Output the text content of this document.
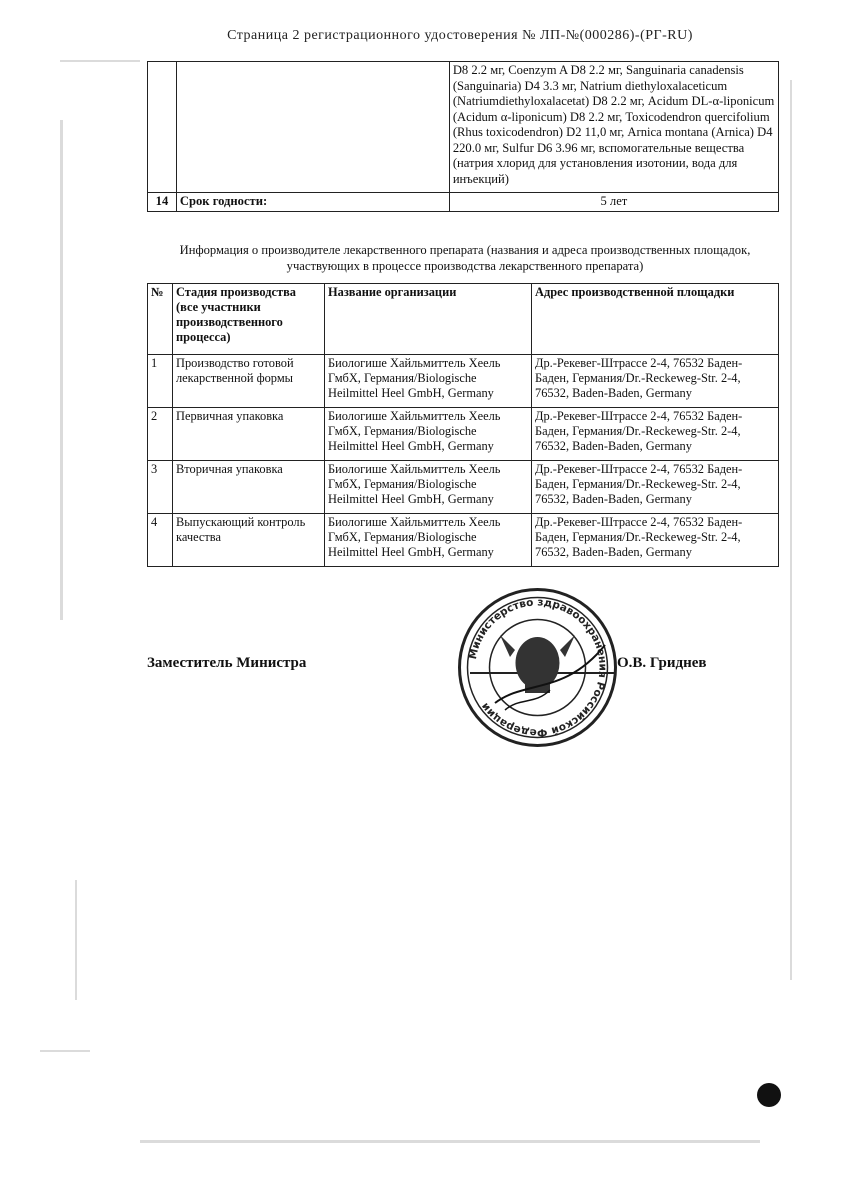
Страница 2 регистрационного удостоверения № ЛП-№(000286)-(РГ-RU)
		D8 2.2 мг, Coenzym A D8 2.2 мг, Sanguinaria canadensis (Sanguinaria) D4 3.3 мг, Natrium diethyloxalaceticum (Natriumdiethyloxalacetat) D8 2.2 мг, Acidum DL-α-liponicum (Acidum α-liponicum) D8 2.2 мг, Toxicodendron quercifolium (Rhus toxicodendron) D2 11,0 мг, Arnica montana (Arnica) D4 220.0 мг, Sulfur D6 3.96 мг, вспомогательные вещества (натрия хлорид для установления изотонии, вода для инъекций)
14	Срок годности:	5 лет
Информация о производителе лекарственного препарата (названия и адреса производственных площадок, участвующих в процессе производства лекарственного препарата)
№	Стадия производства (все участники производственного процесса)	Название организации	Адрес производственной площадки
1	Производство готовой лекарственной формы	Биологише Хайльмиттель Хеель ГмбХ, Германия/Biologische Heilmittel Heel GmbH, Germany	Др.-Рекевег-Штрассе 2-4, 76532 Баден-Баден, Германия/Dr.-Reckeweg-Str. 2-4, 76532, Baden-Baden, Germany
2	Первичная упаковка	Биологише Хайльмиттель Хеель ГмбХ, Германия/Biologische Heilmittel Heel GmbH, Germany	Др.-Рекевег-Штрассе 2-4, 76532 Баден-Баден, Германия/Dr.-Reckeweg-Str. 2-4, 76532, Baden-Baden, Germany
3	Вторичная упаковка	Биологише Хайльмиттель Хеель ГмбХ, Германия/Biologische Heilmittel Heel GmbH, Germany	Др.-Рекевег-Штрассе 2-4, 76532 Баден-Баден, Германия/Dr.-Reckeweg-Str. 2-4, 76532, Baden-Baden, Germany
4	Выпускающий контроль качества	Биологише Хайльмиттель Хеель ГмбХ, Германия/Biologische Heilmittel Heel GmbH, Germany	Др.-Рекевег-Штрассе 2-4, 76532 Баден-Баден, Германия/Dr.-Reckeweg-Str. 2-4, 76532, Baden-Baden, Germany
Заместитель Министра	О.В. Гриднев
Министерство здравоохранения Российской Федерации
